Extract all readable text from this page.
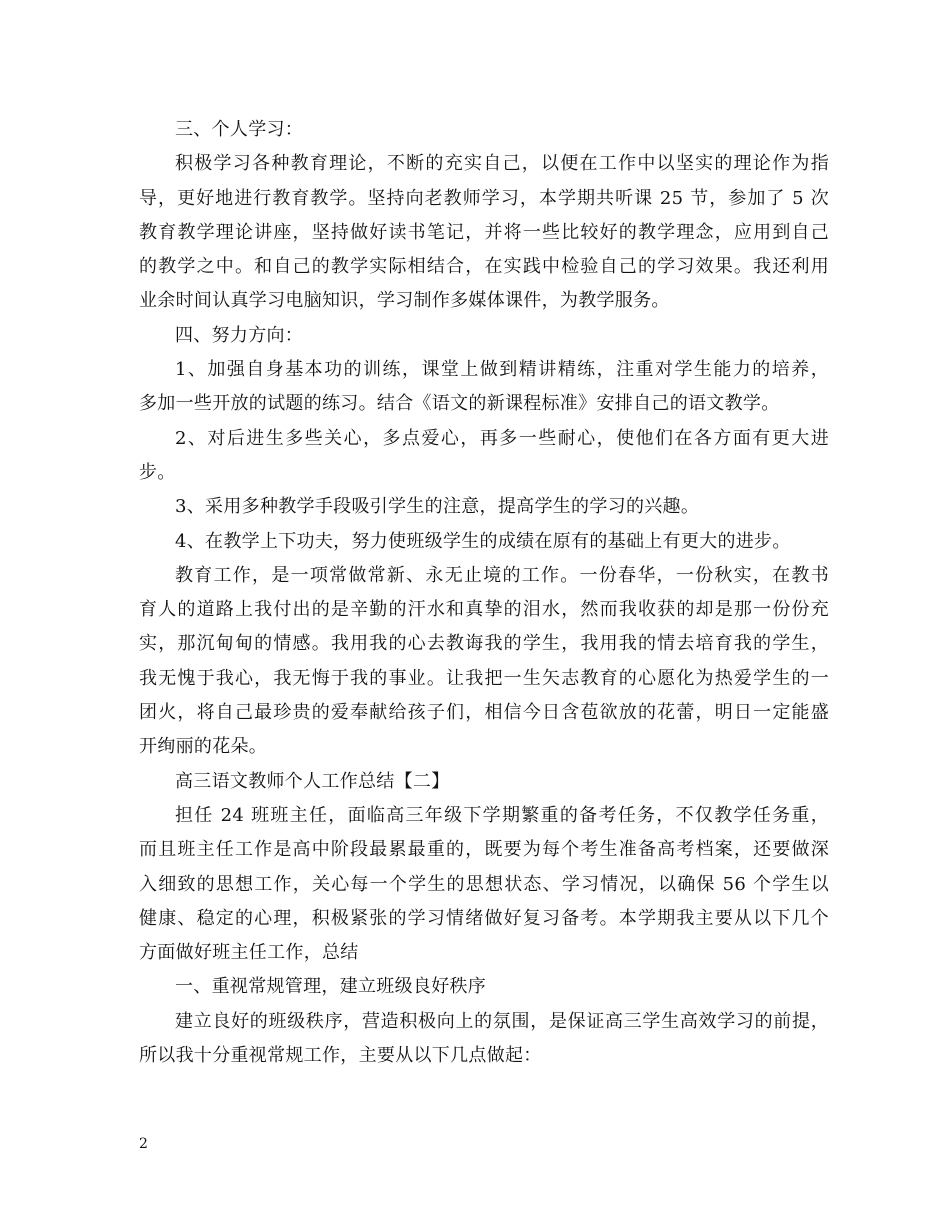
三、个人学习：
积极学习各种教育理论，不断的充实自己，以便在工作中以坚实的理论作为指
导，更好地进行教育教学。坚持向老教师学习，本学期共听课 25 节，参加了 5 次
教育教学理论讲座，坚持做好读书笔记，并将一些比较好的教学理念，应用到自己
的教学之中。和自己的教学实际相结合，在实践中检验自己的学习效果。我还利用
业余时间认真学习电脑知识，学习制作多媒体课件，为教学服务。
四、努力方向：
1、加强自身基本功的训练，课堂上做到精讲精练，注重对学生能力的培养，
多加一些开放的试题的练习。结合《语文的新课程标准》安排自己的语文教学。
2、对后进生多些关心，多点爱心，再多一些耐心，使他们在各方面有更大进
步。
3、采用多种教学手段吸引学生的注意，提高学生的学习的兴趣。
4、在教学上下功夫，努力使班级学生的成绩在原有的基础上有更大的进步。
教育工作，是一项常做常新、永无止境的工作。一份春华，一份秋实，在教书
育人的道路上我付出的是辛勤的汗水和真挚的泪水，然而我收获的却是那一份份充
实，那沉甸甸的情感。我用我的心去教诲我的学生，我用我的情去培育我的学生，
我无愧于我心，我无悔于我的事业。让我把一生矢志教育的心愿化为热爱学生的一
团火，将自己最珍贵的爱奉献给孩子们，相信今日含苞欲放的花蕾，明日一定能盛
开绚丽的花朵。
高三语文教师个人工作总结【二】
担任 24 班班主任，面临高三年级下学期繁重的备考任务，不仅教学任务重，
而且班主任工作是高中阶段最累最重的，既要为每个考生准备高考档案，还要做深
入细致的思想工作，关心每一个学生的思想状态、学习情况，以确保 56 个学生以
健康、稳定的心理，积极紧张的学习情绪做好复习备考。本学期我主要从以下几个
方面做好班主任工作，总结
一、重视常规管理，建立班级良好秩序
建立良好的班级秩序，营造积极向上的氛围，是保证高三学生高效学习的前提，
所以我十分重视常规工作，主要从以下几点做起：
2
